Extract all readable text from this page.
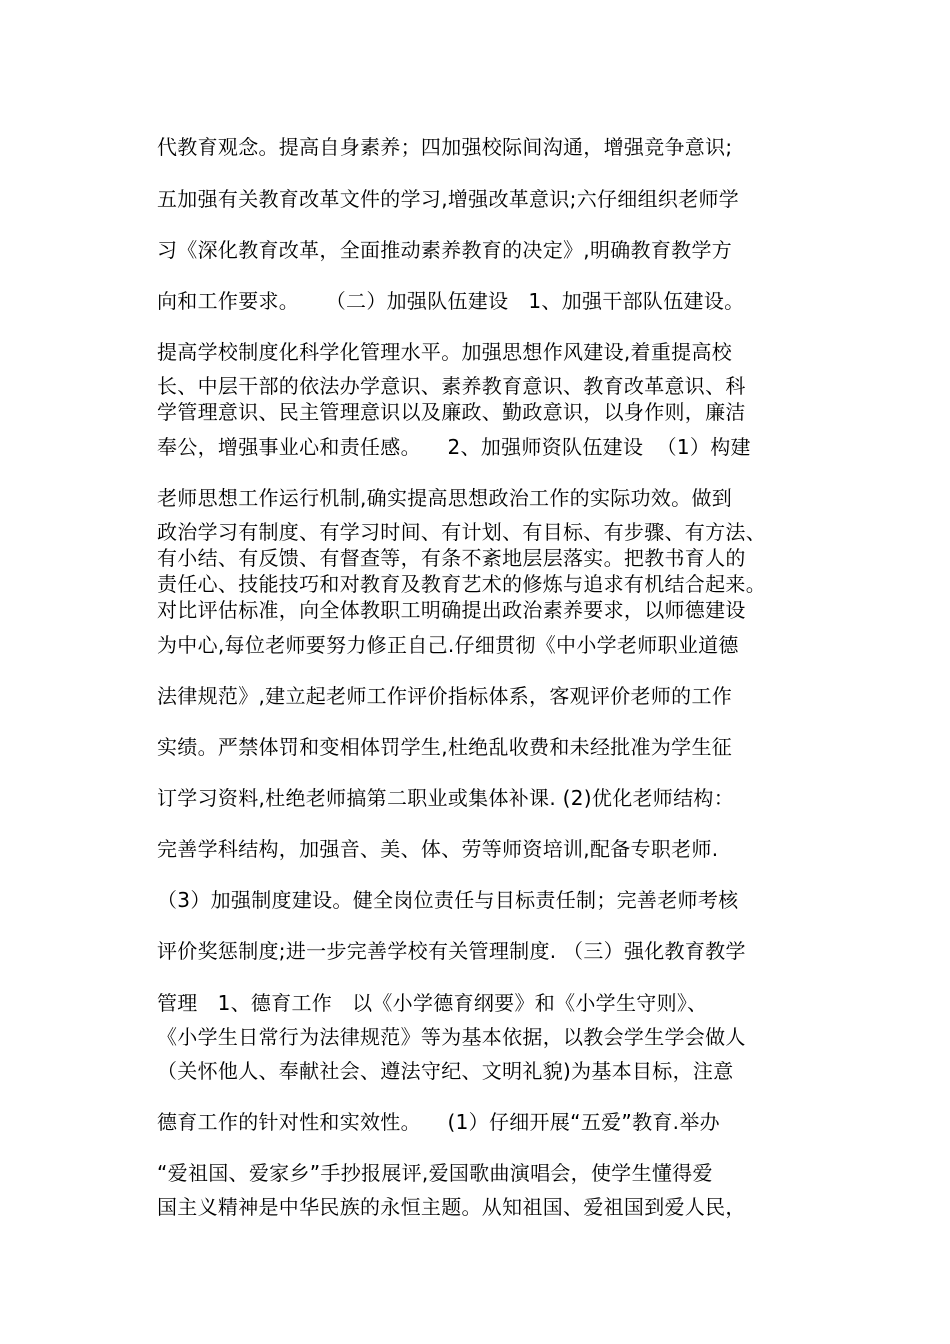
代教育观念。提高自身素养；四加强校际间沟通，增强竞争意识;
五加强有关教育改革文件的学习,增强改革意识;六仔细组织老师学
习《深化教育改革，全面推动素养教育的决定》,明确教育教学方
向和工作要求。    （二）加强队伍建设   1、加强干部队伍建设。
提高学校制度化科学化管理水平。加强思想作风建设,着重提高校
长、中层干部的依法办学意识、素养教育意识、教育改革意识、科
学管理意识、民主管理意识以及廉政、勤政意识，以身作则，廉洁
奉公，增强事业心和责任感。    2、加强师资队伍建设  （1）构建
老师思想工作运行机制,确实提高思想政治工作的实际功效。做到
政治学习有制度、有学习时间、有计划、有目标、有步骤、有方法、
有小结、有反馈、有督查等，有条不紊地层层落实。把教书育人的
责任心、技能技巧和对教育及教育艺术的修炼与追求有机结合起来。
对比评估标准，向全体教职工明确提出政治素养要求，以师德建设
为中心,每位老师要努力修正自己.仔细贯彻《中小学老师职业道德
法律规范》,建立起老师工作评价指标体系，客观评价老师的工作
实绩。严禁体罚和变相体罚学生,杜绝乱收费和未经批准为学生征
订学习资料,杜绝老师搞第二职业或集体补课. (2)优化老师结构：
完善学科结构，加强音、美、体、劳等师资培训,配备专职老师.
（3）加强制度建设。健全岗位责任与目标责任制；完善老师考核
评价奖惩制度;进一步完善学校有关管理制度. （三）强化教育教学
管理   1、德育工作   以《小学德育纲要》和《小学生守则》、
《小学生日常行为法律规范》等为基本依据，以教会学生学会做人
（关怀他人、奉献社会、遵法守纪、文明礼貌)为基本目标，注意
德育工作的针对性和实效性。    (1）仔细开展“五爱”教育.举办
“爱祖国、爱家乡”手抄报展评,爱国歌曲演唱会，使学生懂得爱
国主义精神是中华民族的永恒主题。从知祖国、爱祖国到爱人民，
